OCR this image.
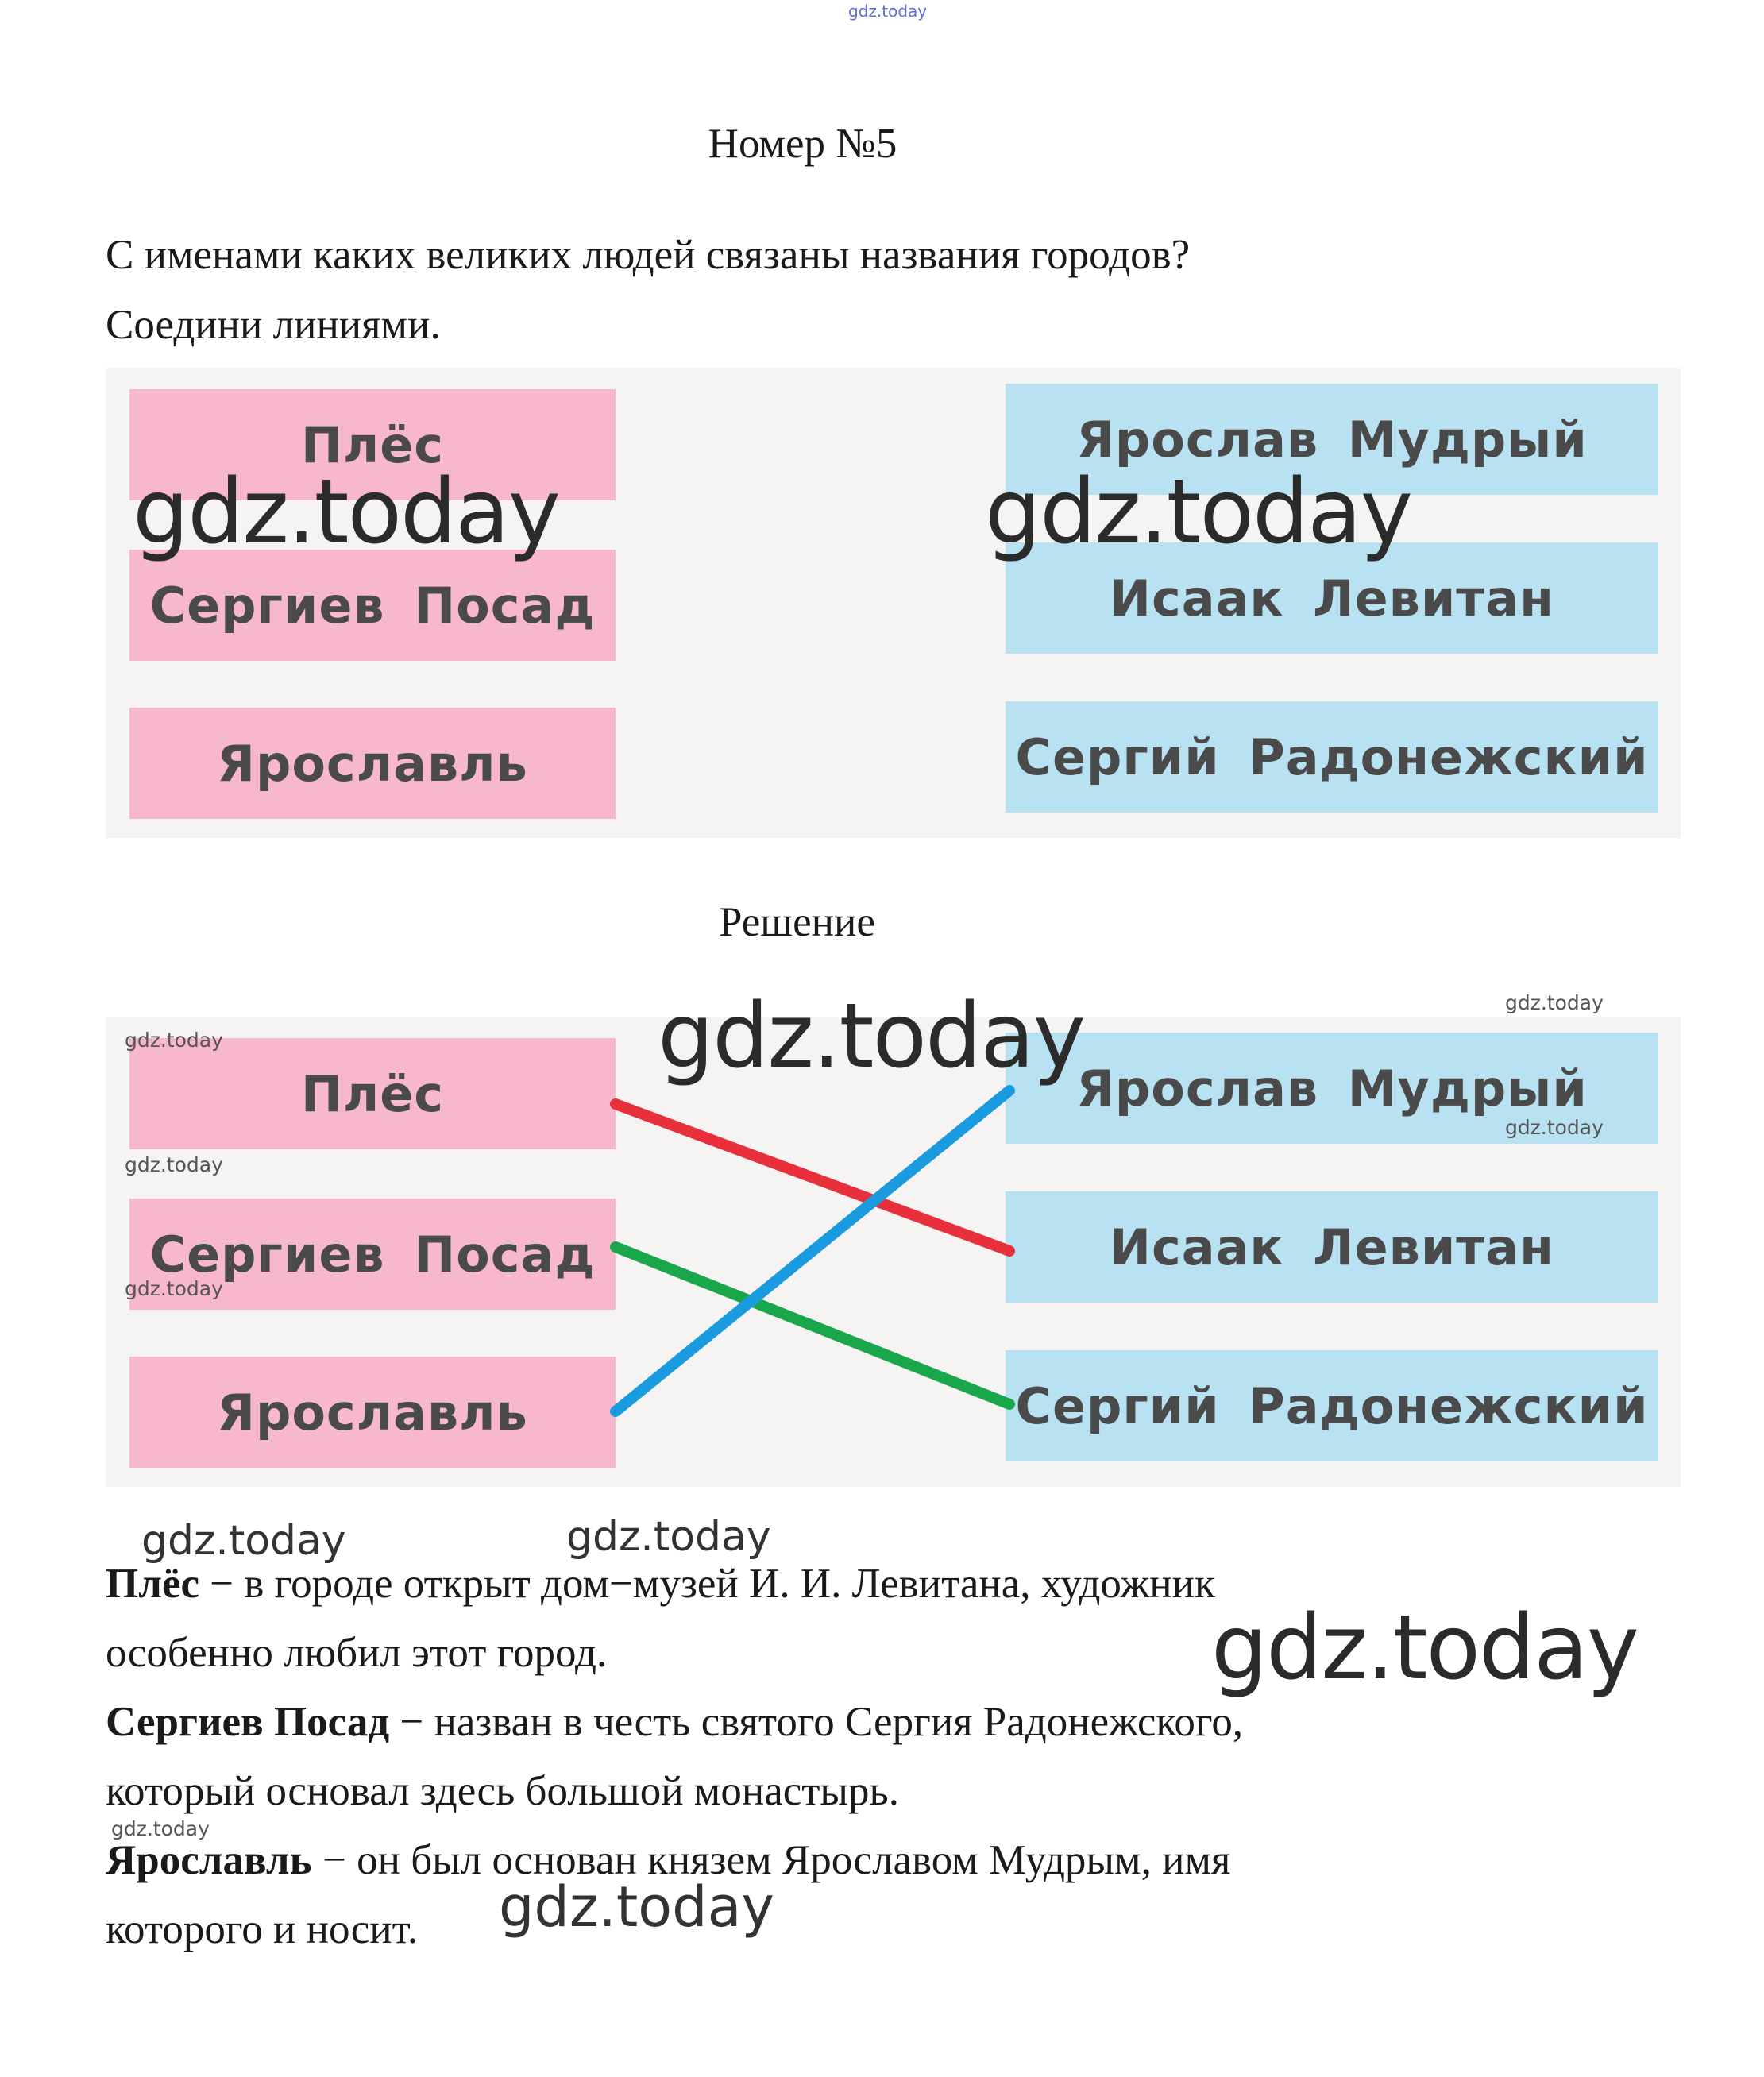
gdz.today
Номер №5
С именами каких великих людей связаны названия городов?
Соедини линиями.
Плёс
Сергиев Посад
Ярославль
Ярослав Мудрый
Исаак Левитан
Сергий Радонежский
gdz.today	gdz.today
Решение
Плёс
Сергиев Посад
Ярославль
Ярослав Мудрый
Исаак Левитан
Сергий Радонежский
gdz.today	gdz.today
gdz.today
gdz.today
gdz.today
gdz.today
gdz.today	gdz.today
Плёс − в городе открыт дом−музей И. И. Левитана, художник
особенно любил этот город.	gdz.today
Сергиев Посад − назван в честь святого Сергия Радонежского,
который основал здесь большой монастырь.
gdz.today
Ярославль − он был основан князем Ярославом Мудрым, имя
которого и носит. gdz.today
